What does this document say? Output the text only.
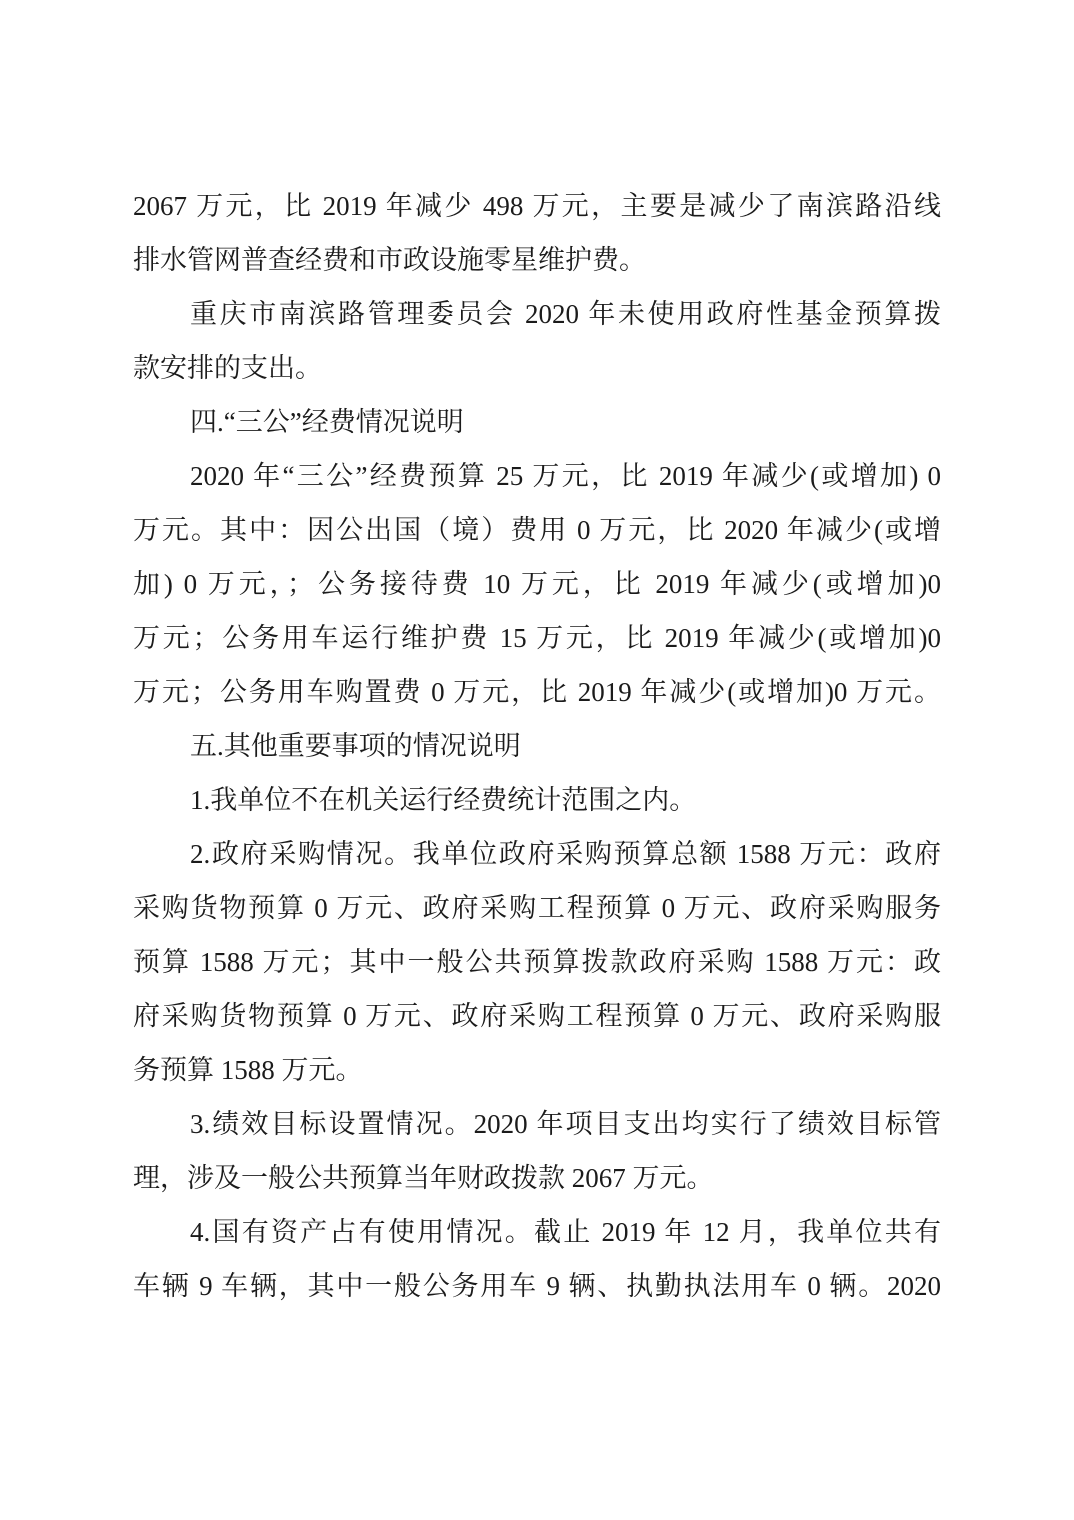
2067 万元，比 2019 年减少 498 万元，主要是减少了南滨路沿线
排水管网普查经费和市政设施零星维护费。
重庆市南滨路管理委员会 2020 年未使用政府性基金预算拨
款安排的支出。
四.“三公”经费情况说明
2020 年“三公”经费预算 25 万元，比 2019 年减少(或增加) 0
万元。其中：因公出国（境）费用 0 万元，比 2020 年减少(或增
加) 0 万元，；公务接待费 10 万元，比 2019 年减少(或增加)0
万元；公务用车运行维护费 15 万元，比 2019 年减少(或增加)0
万元；公务用车购置费 0 万元，比 2019 年减少(或增加)0 万元。
五.其他重要事项的情况说明
1.我单位不在机关运行经费统计范围之内。
2.政府采购情况。我单位政府采购预算总额 1588 万元：政府
采购货物预算 0 万元、政府采购工程预算 0 万元、政府采购服务
预算 1588 万元；其中一般公共预算拨款政府采购 1588 万元：政
府采购货物预算 0 万元、政府采购工程预算 0 万元、政府采购服
务预算 1588 万元。
3.绩效目标设置情况。2020 年项目支出均实行了绩效目标管
理，涉及一般公共预算当年财政拨款 2067 万元。
4.国有资产占有使用情况。截止 2019 年 12 月，我单位共有
车辆 9 车辆，其中一般公务用车 9 辆、执勤执法用车 0 辆。2020
